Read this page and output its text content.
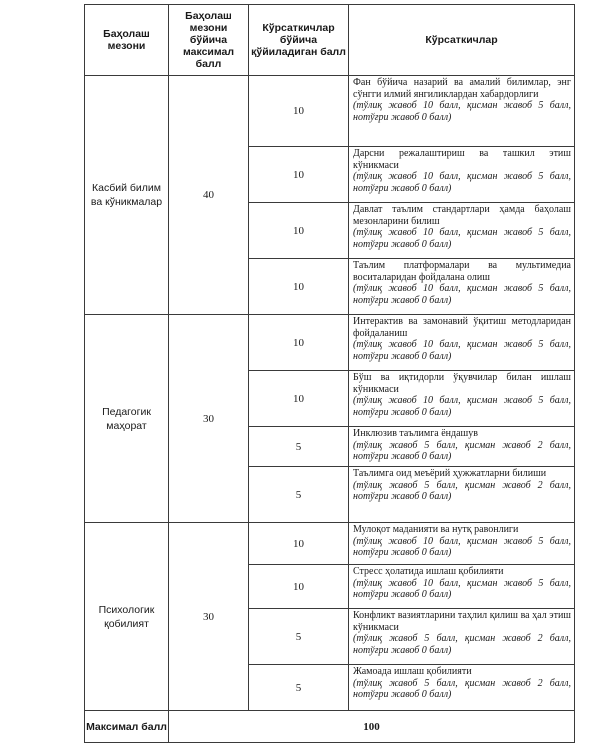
Баҳолаш мезони	Баҳолаш мезони бўйича максимал балл	Кўрсаткичлар бўйича қўйиладиган балл	Кўрсаткичлар
Касбий билим ва кўникмалар	40	10	Фан бўйича назарий ва амалий билимлар, энг сўнгги илмий янгиликлардан хабардорлиги
(тўлиқ жавоб 10 балл, қисман жавоб 5 балл, нотўғри жавоб 0 балл)

		10	Дарсни режалаштириш ва ташкил этиш кўникмаси
(тўлиқ жавоб 10 балл, қисман жавоб 5 балл, нотўғри жавоб 0 балл)

		10	Давлат таълим стандартлари ҳамда баҳолаш мезонларини билиш
(тўлиқ жавоб 10 балл, қисман жавоб 5 балл, нотўғри жавоб 0 балл)

		10	Таълим платформалари ва мультимедиа воситаларидан фойдалана олиш
(тўлиқ жавоб 10 балл, қисман жавоб 5 балл, нотўғри жавоб 0 балл)

Педагогик маҳорат	30	10	Интерактив ва замонавий ўқитиш методларидан фойдаланиш
(тўлиқ жавоб 10 балл, қисман жавоб 5 балл, нотўғри жавоб 0 балл)

		10	Бўш ва иқтидорли ўқувчилар билан ишлаш кўникмаси
(тўлиқ жавоб 10 балл, қисман жавоб 5 балл, нотўғри жавоб 0 балл)

		5	Инклюзив таълимга ёндашув
(тўлиқ жавоб 5 балл, қисман жавоб 2 балл, нотўғри жавоб 0 балл)

		5	Таълимга оид меъёрий ҳужжатларни билиши
(тўлиқ жавоб 5 балл, қисман жавоб 2 балл, нотўғри жавоб 0 балл)

Психологик қобилият	30	10	Мулоқот маданияти ва нутқ равонлиги
(тўлиқ жавоб 10 балл, қисман жавоб 5 балл, нотўғри жавоб 0 балл)

		10	Стресс ҳолатида ишлаш қобилияти
(тўлиқ жавоб 10 балл, қисман жавоб 5 балл, нотўғри жавоб 0 балл)

		5	Конфликт вазиятларини таҳлил қилиш ва ҳал этиш кўникмаси
(тўлиқ жавоб 5 балл, қисман жавоб 2 балл, нотўғри жавоб 0 балл)

		5	Жамоада ишлаш қобилияти
(тўлиқ жавоб 5 балл, қисман жавоб 2 балл, нотўғри жавоб 0 балл)

Максимал балл	100		
